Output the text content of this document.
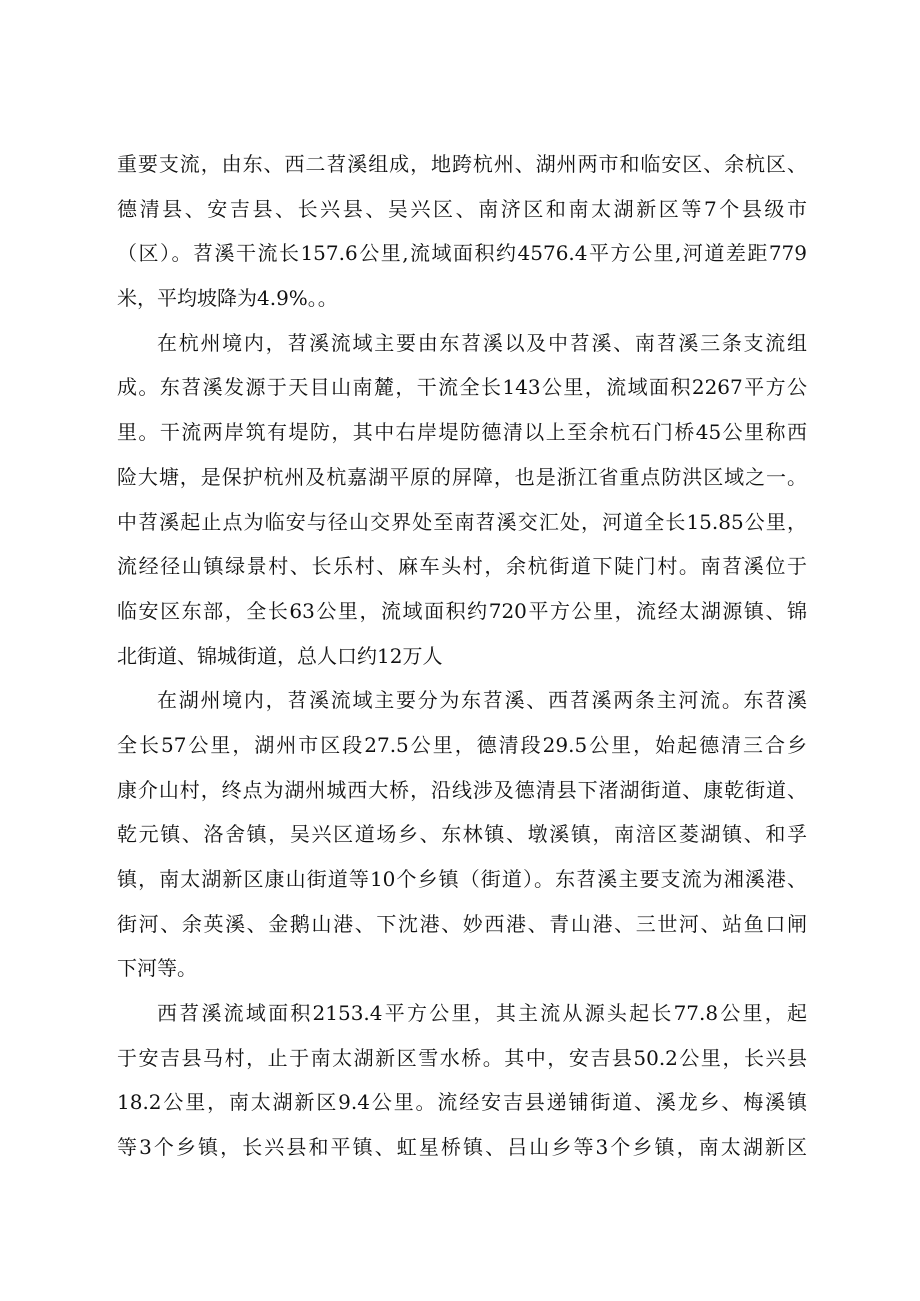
重要支流，由东、西二苕溪组成，地跨杭州、湖州两市和临安区、余杭区、
德清县、安吉县、长兴县、吴兴区、南济区和南太湖新区等7个县级市
（区）。苕溪干流长157.6公里,流域面积约4576.4平方公里,河道差距779
米，平均坡降为4.9%。。
在杭州境内，苕溪流域主要由东苕溪以及中苕溪、南苕溪三条支流组
成。东苕溪发源于天目山南麓，干流全长143公里，流域面积2267平方公
里。干流两岸筑有堤防，其中右岸堤防德清以上至余杭石门桥45公里称西
险大塘，是保护杭州及杭嘉湖平原的屏障，也是浙江省重点防洪区域之一。
中苕溪起止点为临安与径山交界处至南苕溪交汇处，河道全长15.85公里，
流经径山镇绿景村、长乐村、麻车头村，余杭街道下陡门村。南苕溪位于
临安区东部，全长63公里，流域面积约720平方公里，流经太湖源镇、锦
北街道、锦城街道，总人口约12万人
在湖州境内，苕溪流域主要分为东苕溪、西苕溪两条主河流。东苕溪
全长57公里，湖州市区段27.5公里，德清段29.5公里，始起德清三合乡
康介山村，终点为湖州城西大桥，沿线涉及德清县下渚湖街道、康乾街道、
乾元镇、洛舍镇，吴兴区道场乡、东林镇、墩溪镇，南涪区菱湖镇、和孚
镇，南太湖新区康山街道等10个乡镇（街道）。东苕溪主要支流为湘溪港、
街河、余英溪、金鹅山港、下沈港、妙西港、青山港、三世河、站鱼口闸
下河等。
西苕溪流域面积2153.4平方公里，其主流从源头起长77.8公里，起
于安吉县马村，止于南太湖新区雪水桥。其中，安吉县50.2公里，长兴县
18.2公里，南太湖新区9.4公里。流经安吉县递铺街道、溪龙乡、梅溪镇
等3个乡镇，长兴县和平镇、虹星桥镇、吕山乡等3个乡镇，南太湖新区
